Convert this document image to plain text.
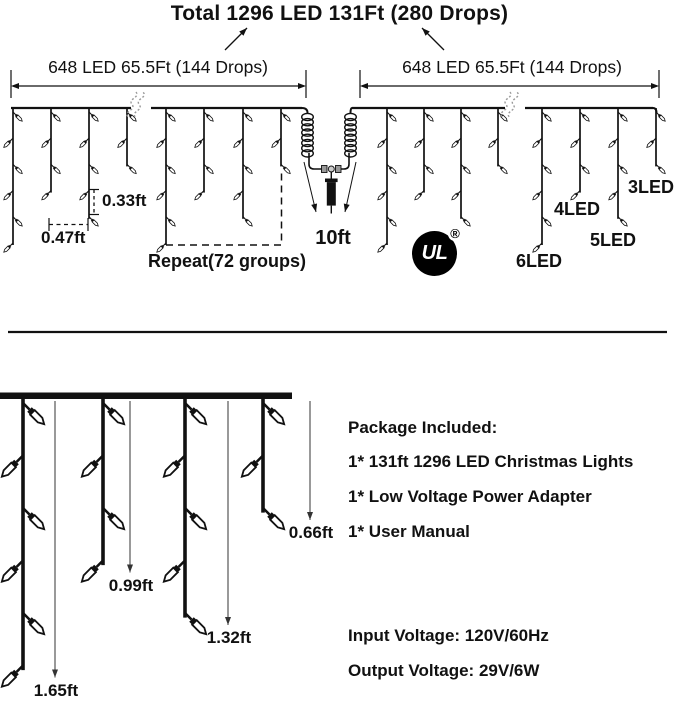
Total 1296 LED 131Ft (280 Drops)
648 LED 65.5Ft (144 Drops)	648 LED 65.5Ft (144 Drops)
0.33ft
0.47ft
Repeat(72 groups)
10ft
6LED
4LED
5LED
3LED
UL
®
Package Included:
1* 131ft 1296 LED Christmas Lights
1* Low Voltage Power Adapter
1* User Manual
Input Voltage: 120V/60Hz
Output Voltage: 29V/6W
1.65ft
0.99ft
1.32ft
0.66ft
